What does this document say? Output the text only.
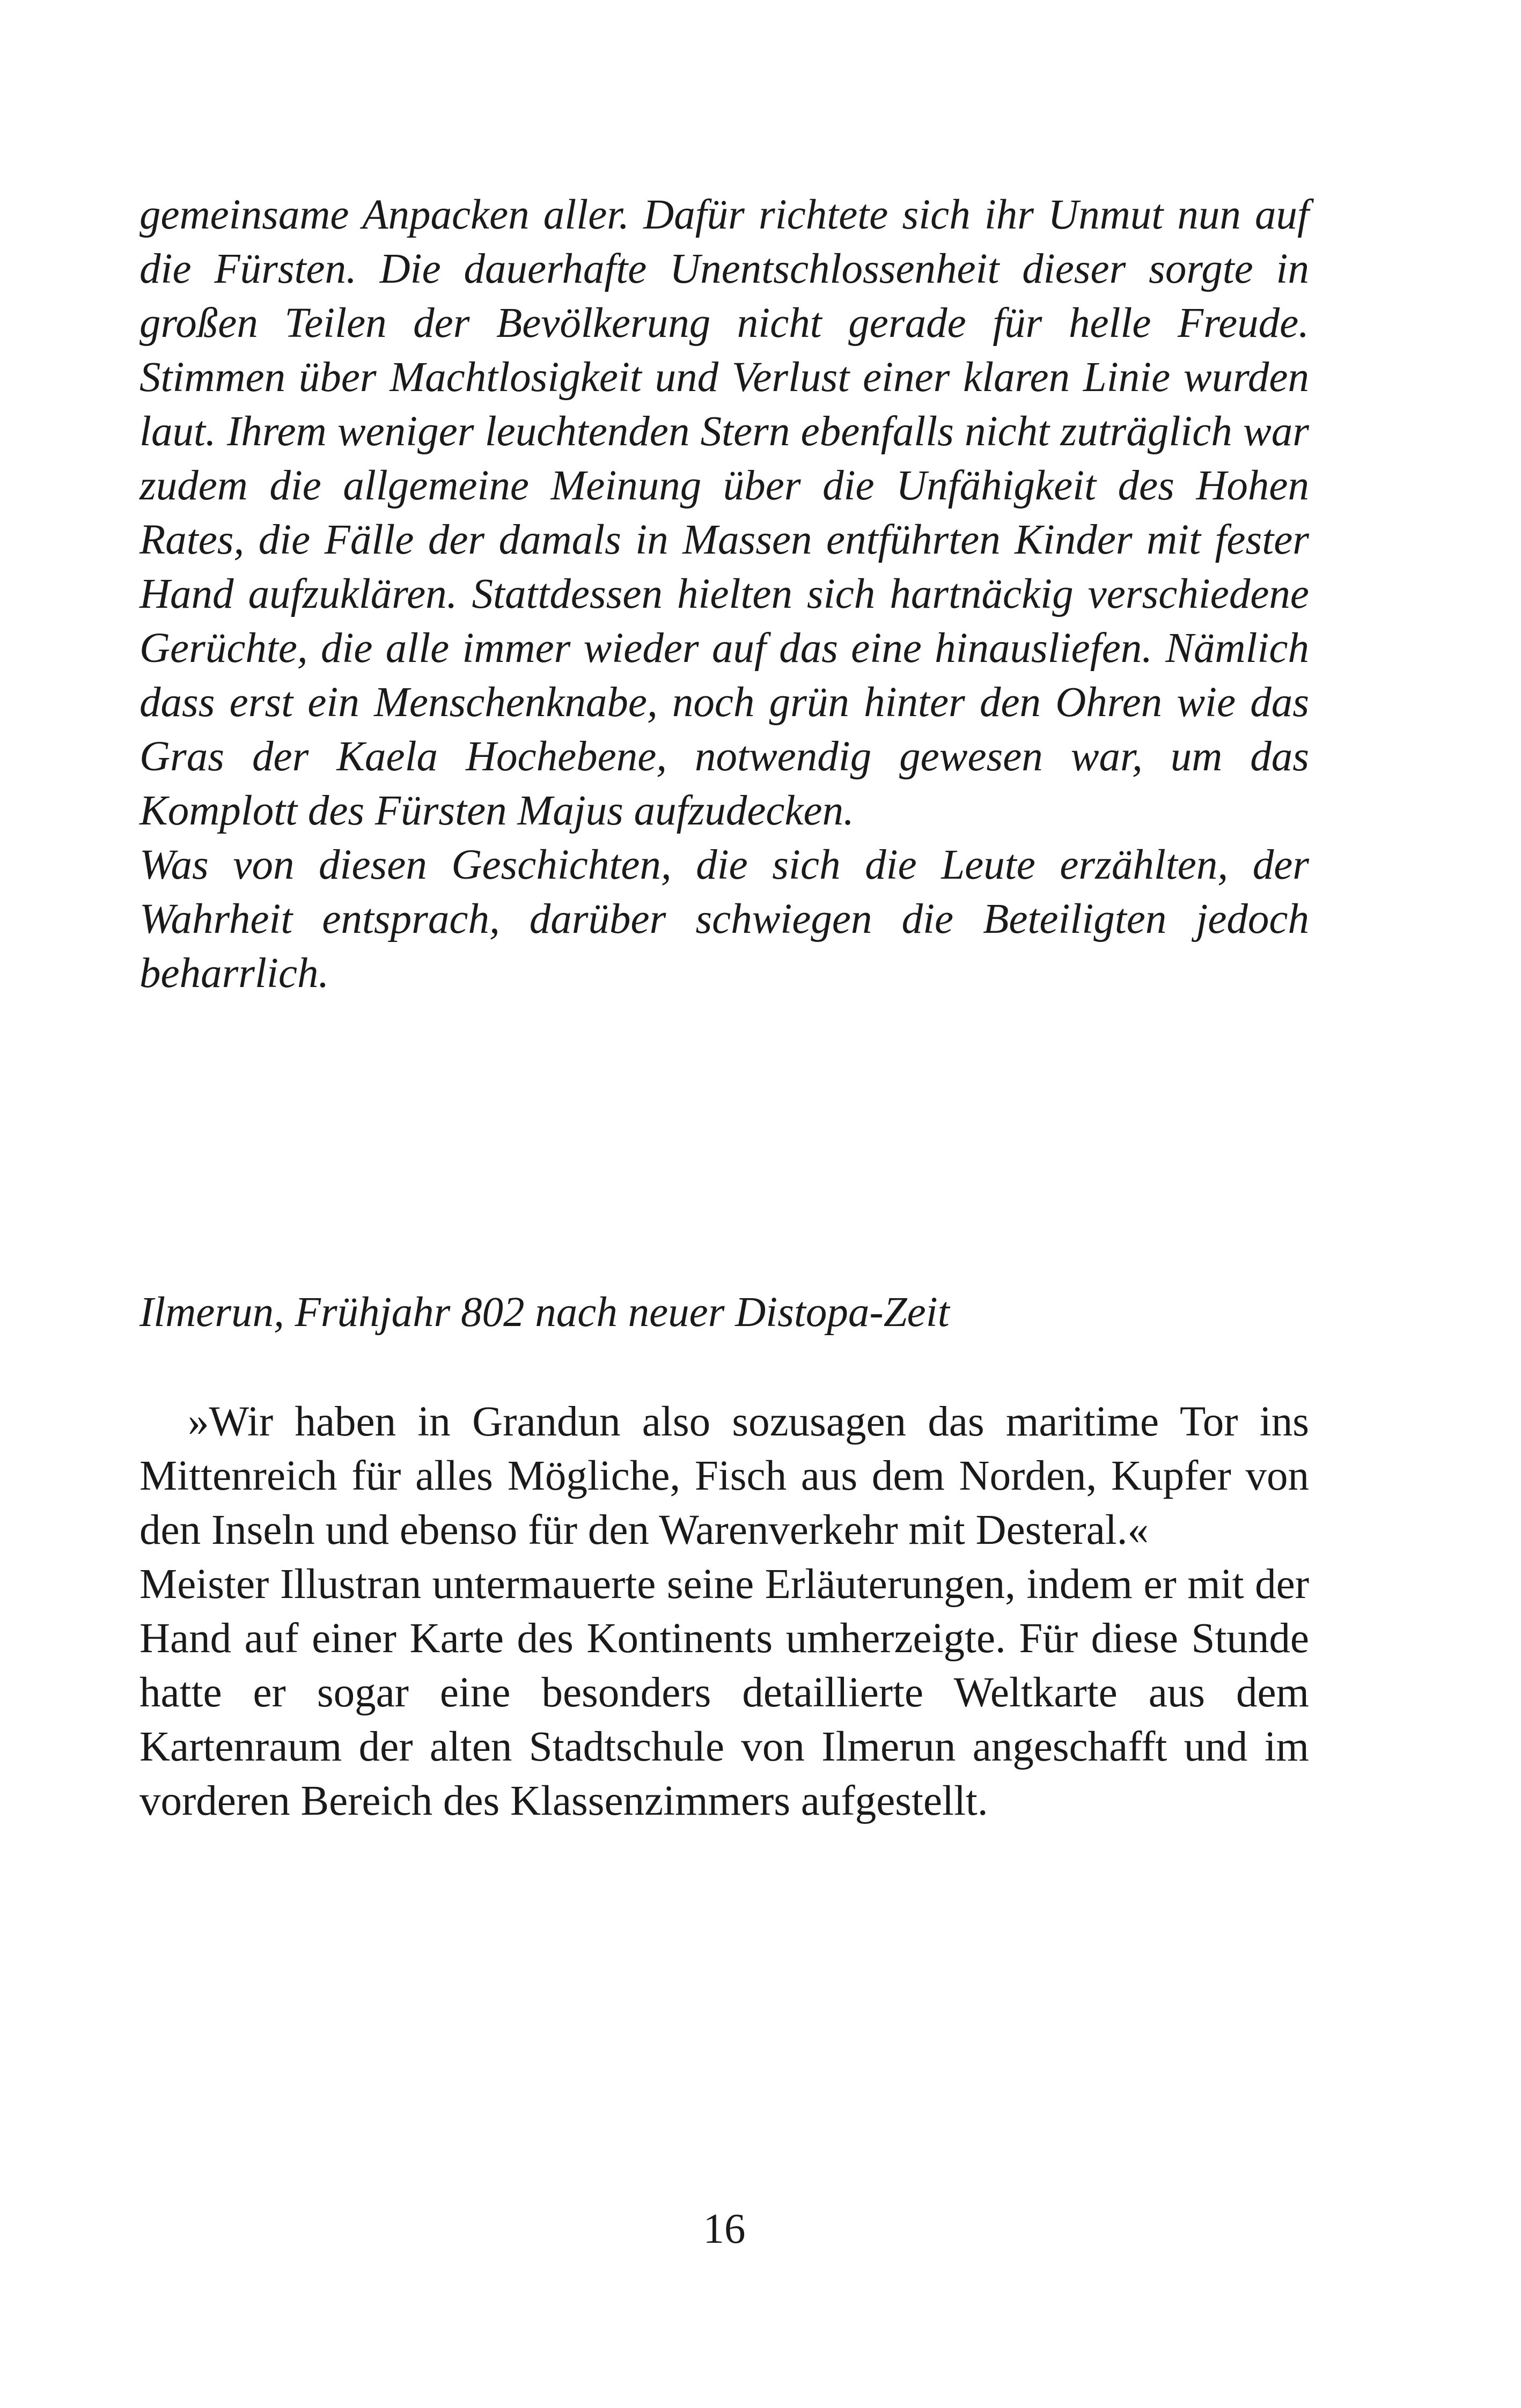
gemeinsame Anpacken aller. Dafür richtete sich ihr Unmut nun auf die Fürsten. Die dauerhafte Unentschlossenheit dieser sorgte in großen Teilen der Bevölkerung nicht gerade für helle Freude. Stimmen über Machtlosigkeit und Verlust einer klaren Linie wurden laut. Ihrem weniger leuchtenden Stern ebenfalls nicht zuträglich war zudem die allgemeine Meinung über die Unfähigkeit des Hohen Rates, die Fälle der damals in Massen entführten Kinder mit fester Hand aufzuklären. Stattdessen hielten sich hartnäckig verschiedene Gerüchte, die alle immer wieder auf das eine hinausliefen. Nämlich dass erst ein Menschenknabe, noch grün hinter den Ohren wie das Gras der Kaela Hochebene, notwendig gewesen war, um das Komplott des Fürsten Majus aufzudecken.

Was von diesen Geschichten, die sich die Leute erzählten, der Wahrheit entsprach, darüber schwiegen die Beteiligten jedoch beharrlich.

Ilmerun, Frühjahr 802 nach neuer Distopa-Zeit

»Wir haben in Grandun also sozusagen das maritime Tor ins Mittenreich für alles Mögliche, Fisch aus dem Norden, Kupfer von den Inseln und ebenso für den Warenverkehr mit Desteral.«

Meister Illustran untermauerte seine Erläuterungen, indem er mit der Hand auf einer Karte des Kontinents umherzeigte. Für diese Stunde hatte er sogar eine besonders detaillierte Weltkarte aus dem Kartenraum der alten Stadtschule von Ilmerun angeschafft und im vorderen Bereich des Klassenzimmers aufgestellt.

16
